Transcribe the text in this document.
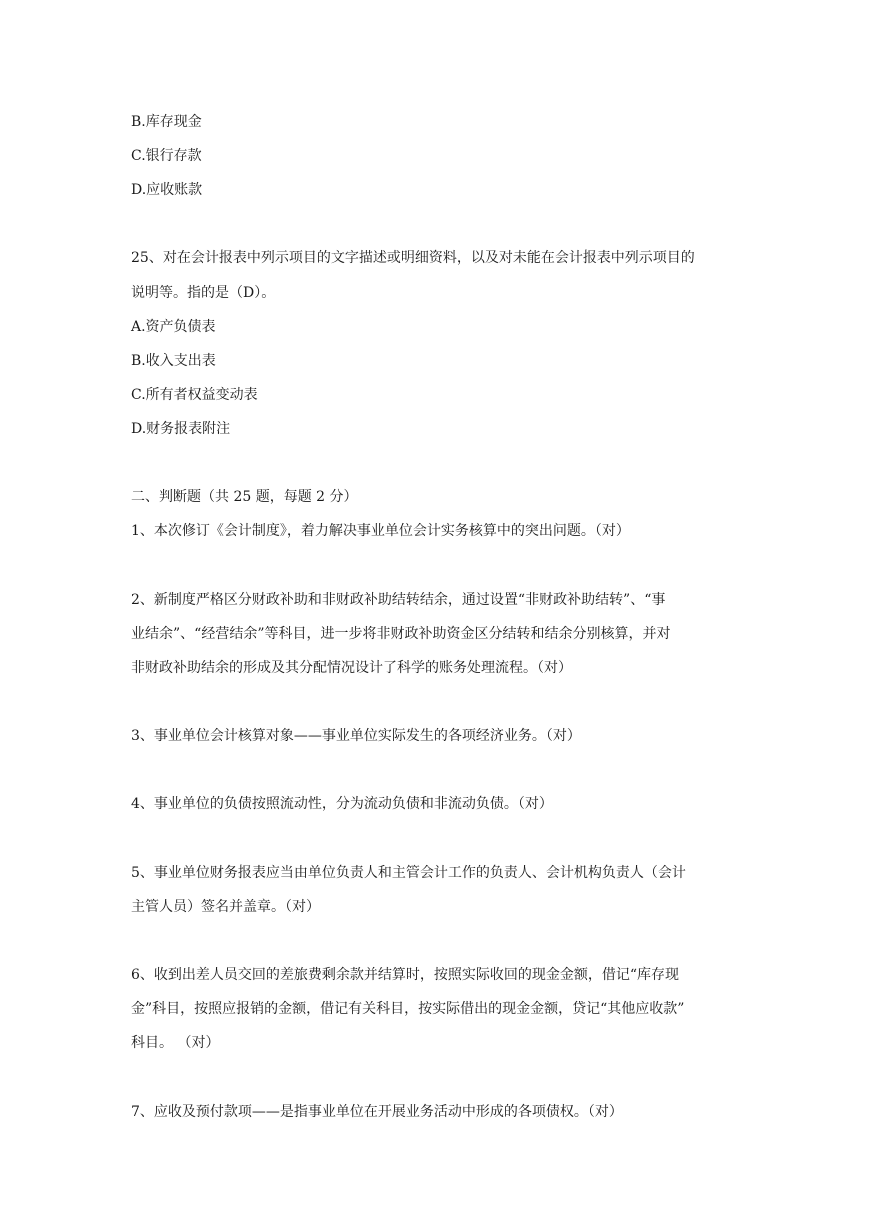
B.库存现金
C.银行存款
D.应收账款
25、对在会计报表中列示项目的文字描述或明细资料，以及对未能在会计报表中列示项目的
说明等。指的是（D）。
A.资产负债表
B.收入支出表
C.所有者权益变动表
D.财务报表附注
二、判断题（共 25 题，每题 2 分）
1、本次修订《会计制度》，着力解决事业单位会计实务核算中的突出问题。（对）
2、新制度严格区分财政补助和非财政补助结转结余，通过设置“非财政补助结转”、“事
业结余”、“经营结余”等科目，进一步将非财政补助资金区分结转和结余分别核算，并对
非财政补助结余的形成及其分配情况设计了科学的账务处理流程。（对）
3、事业单位会计核算对象——事业单位实际发生的各项经济业务。（对）
4、事业单位的负债按照流动性，分为流动负债和非流动负债。（对）
5、事业单位财务报表应当由单位负责人和主管会计工作的负责人、会计机构负责人（会计
主管人员）签名并盖章。（对）
6、收到出差人员交回的差旅费剩余款并结算时，按照实际收回的现金金额，借记“库存现
金”科目，按照应报销的金额，借记有关科目，按实际借出的现金金额，贷记“其他应收款”
科目。 （对）
7、应收及预付款项——是指事业单位在开展业务活动中形成的各项债权。（对）
